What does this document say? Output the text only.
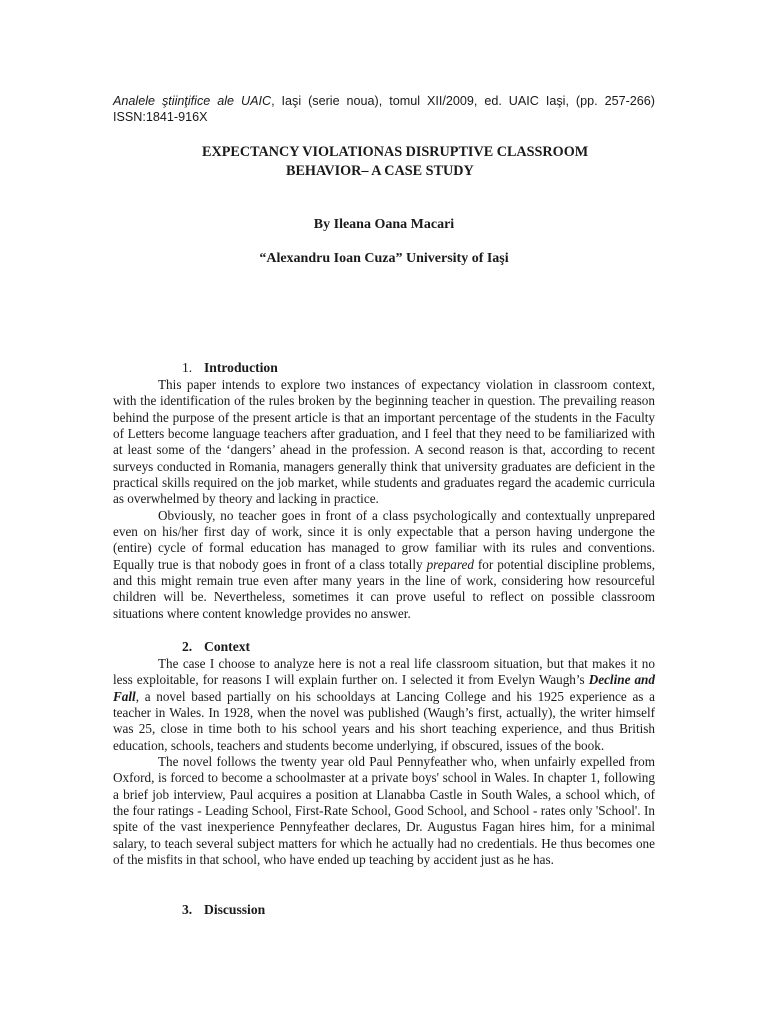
Analele ştiinţifice ale UAIC, Iaşi (serie noua), tomul XII/2009, ed. UAIC Iaşi, (pp. 257-266) ISSN:1841-916X
EXPECTANCY VIOLATIONAS DISRUPTIVE CLASSROOM
BEHAVIOR– A CASE STUDY
By Ileana Oana Macari
“Alexandru Ioan Cuza” University of Iaşi
1. Introduction

This paper intends to explore two instances of expectancy violation in classroom context, with the identification of the rules broken by the beginning teacher in question. The prevailing reason behind the purpose of the present article is that an important percentage of the students in the Faculty of Letters become language teachers after graduation, and I feel that they need to be familiarized with at least some of the ‘dangers’ ahead in the profession. A second reason is that, according to recent surveys conducted in Romania, managers generally think that university graduates are deficient in the practical skills required on the job market, while students and graduates regard the academic curricula as overwhelmed by theory and lacking in practice.

Obviously, no teacher goes in front of a class psychologically and contextually unprepared even on his/her first day of work, since it is only expectable that a person having undergone the (entire) cycle of formal education has managed to grow familiar with its rules and conventions. Equally true is that nobody goes in front of a class totally prepared for potential discipline problems, and this might remain true even after many years in the line of work, considering how resourceful children will be. Nevertheless, sometimes it can prove useful to reflect on possible classroom situations where content knowledge provides no answer.

2. Context

The case I choose to analyze here is not a real life classroom situation, but that makes it no less exploitable, for reasons I will explain further on. I selected it from Evelyn Waugh’s Decline and Fall, a novel based partially on his schooldays at Lancing College and his 1925 experience as a teacher in Wales. In 1928, when the novel was published (Waugh’s first, actually), the writer himself was 25, close in time both to his school years and his short teaching experience, and thus British education, schools, teachers and students become underlying, if obscured, issues of the book.

The novel follows the twenty year old Paul Pennyfeather who, when unfairly expelled from Oxford, is forced to become a schoolmaster at a private boys' school in Wales. In chapter 1, following a brief job interview, Paul acquires a position at Llanabba Castle in South Wales, a school which, of the four ratings - Leading School, First-Rate School, Good School, and School - rates only 'School'. In spite of the vast inexperience Pennyfeather declares, Dr. Augustus Fagan hires him, for a minimal salary, to teach several subject matters for which he actually had no credentials. He thus becomes one of the misfits in that school, who have ended up teaching by accident just as he has.

3. Discussion
